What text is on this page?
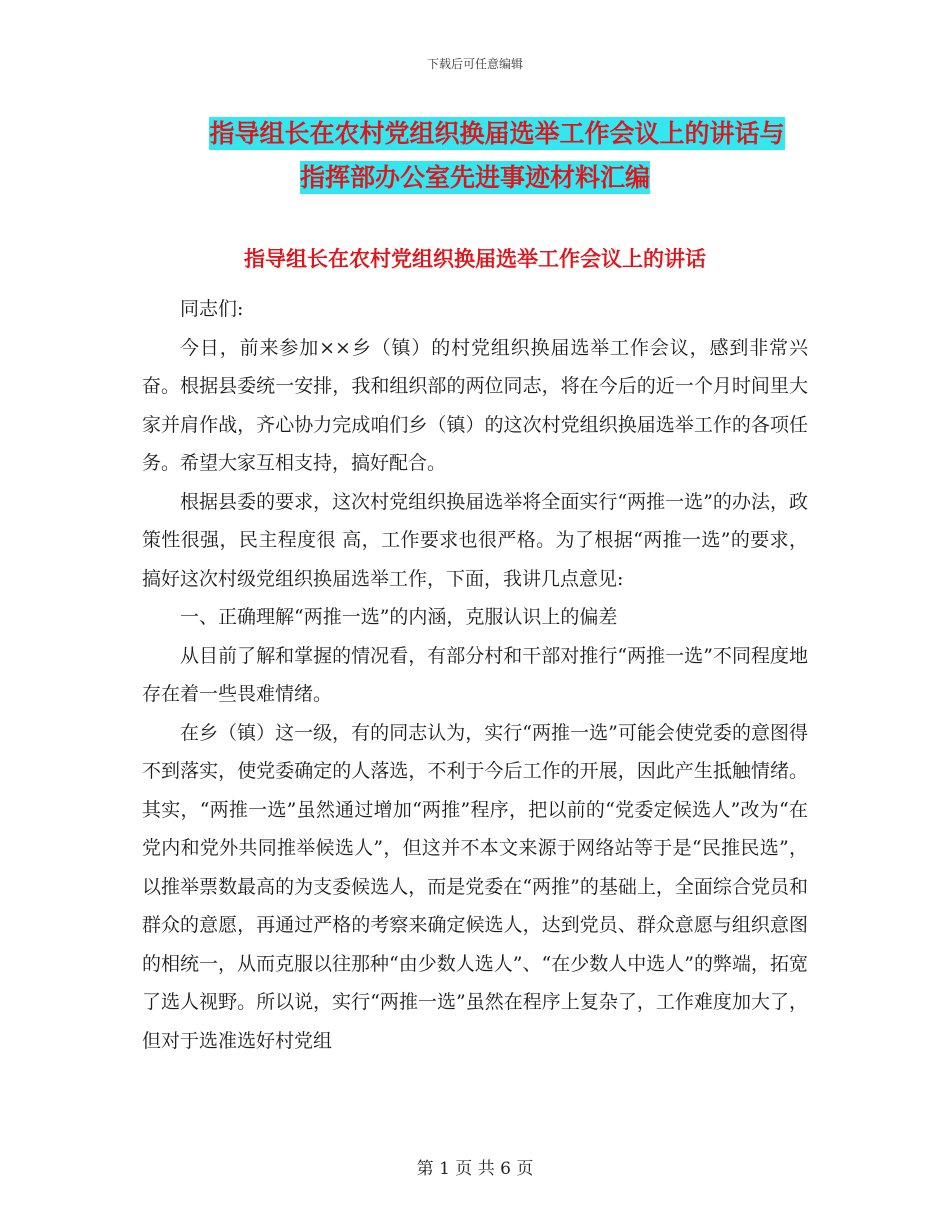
下载后可任意编辑
指导组长在农村党组织换届选举工作会议上的讲话与
指挥部办公室先进事迹材料汇编
指导组长在农村党组织换届选举工作会议上的讲话

同志们:

今日，前来参加××乡（镇）的村党组织换届选举工作会议，感到非常兴奋。根据县委统一安排，我和组织部的两位同志，将在今后的近一个月时间里大家并肩作战，齐心协力完成咱们乡（镇）的这次村党组织换届选举工作的各项任务。希望大家互相支持，搞好配合。

根据县委的要求，这次村党组织换届选举将全面实行“两推一选”的办法，政策性很强，民主程度很 高，工作要求也很严格。为了根据“两推一选”的要求，搞好这次村级党组织换届选举工作，下面，我讲几点意见:

一、正确理解“两推一选”的内涵，克服认识上的偏差

从目前了解和掌握的情况看，有部分村和干部对推行“两推一选”不同程度地存在着一些畏难情绪。

在乡（镇）这一级，有的同志认为，实行“两推一选”可能会使党委的意图得不到落实，使党委确定的人落选，不利于今后工作的开展，因此产生抵触情绪。其实，“两推一选”虽然通过增加“两推”程序，把以前的“党委定候选人”改为“在党内和党外共同推举候选人”，但这并不本文来源于网络站等于是“民推民选”，以推举票数最高的为支委候选人，而是党委在“两推”的基础上，全面综合党员和群众的意愿，再通过严格的考察来确定候选人，达到党员、群众意愿与组织意图的相统一，从而克服以往那种“由少数人选人”、“在少数人中选人”的弊端，拓宽了选人视野。所以说，实行“两推一选”虽然在程序上复杂了，工作难度加大了，但对于选准选好村党组

第 1 页 共 6 页
